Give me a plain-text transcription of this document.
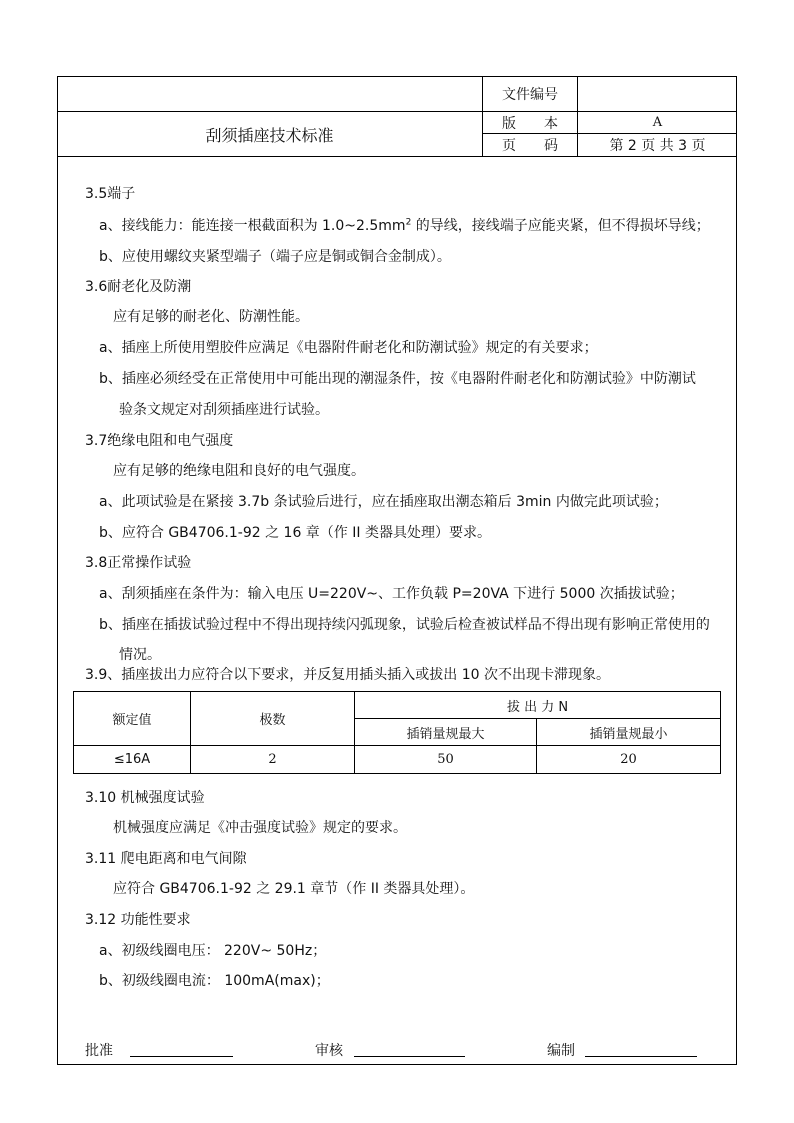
刮须插座技术标准
文件编号
版　　本	A
页　　码	第 2 页 共 3 页
3.5端子
a、接线能力：能连接一根截面积为 $1.0\sim 2.5mm^2$ 的导线，接线端子应能夹紧，但不得损坏导线；
b、应使用螺纹夹紧型端子（端子应是铜或铜合金制成）。
3.6耐老化及防潮
应有足够的耐老化、防潮性能。
a、插座上所使用塑胶件应满足《电器附件耐老化和防潮试验》规定的有关要求；
b、插座必须经受在正常使用中可能出现的潮湿条件，按《电器附件耐老化和防潮试验》中防潮试
验条文规定对刮须插座进行试验。
3.7绝缘电阻和电气强度
应有足够的绝缘电阻和良好的电气强度。
a、此项试验是在紧接 3.7b 条试验后进行，应在插座取出潮态箱后 3min 内做完此项试验；
b、应符合 GB4706.1-92 之 16 章（作 II 类器具处理）要求。
3.8正常操作试验
a、刮须插座在条件为：输入电压 U=220V~、工作负载 P=20VA 下进行 5000 次插拔试验；
b、插座在插拔试验过程中不得出现持续闪弧现象，试验后检查被试样品不得出现有影响正常使用的
情况。
3.9、插座拔出力应符合以下要求，并反复用插头插入或拔出 10 次不出现卡滞现象。
额定值	极数	拔 出 力 N	
		插销量规最大	插销量规最小
≤16A	2	50	20
3.10 机械强度试验
机械强度应满足《冲击强度试验》规定的要求。
3.11 爬电距离和电气间隙
应符合 GB4706.1-92 之 29.1 章节（作 II 类器具处理）。
3.12 功能性要求
a、初级线圈电压： 220V~ 50Hz；
b、初级线圈电流： 100mA(max)；
批准	审核	编制
